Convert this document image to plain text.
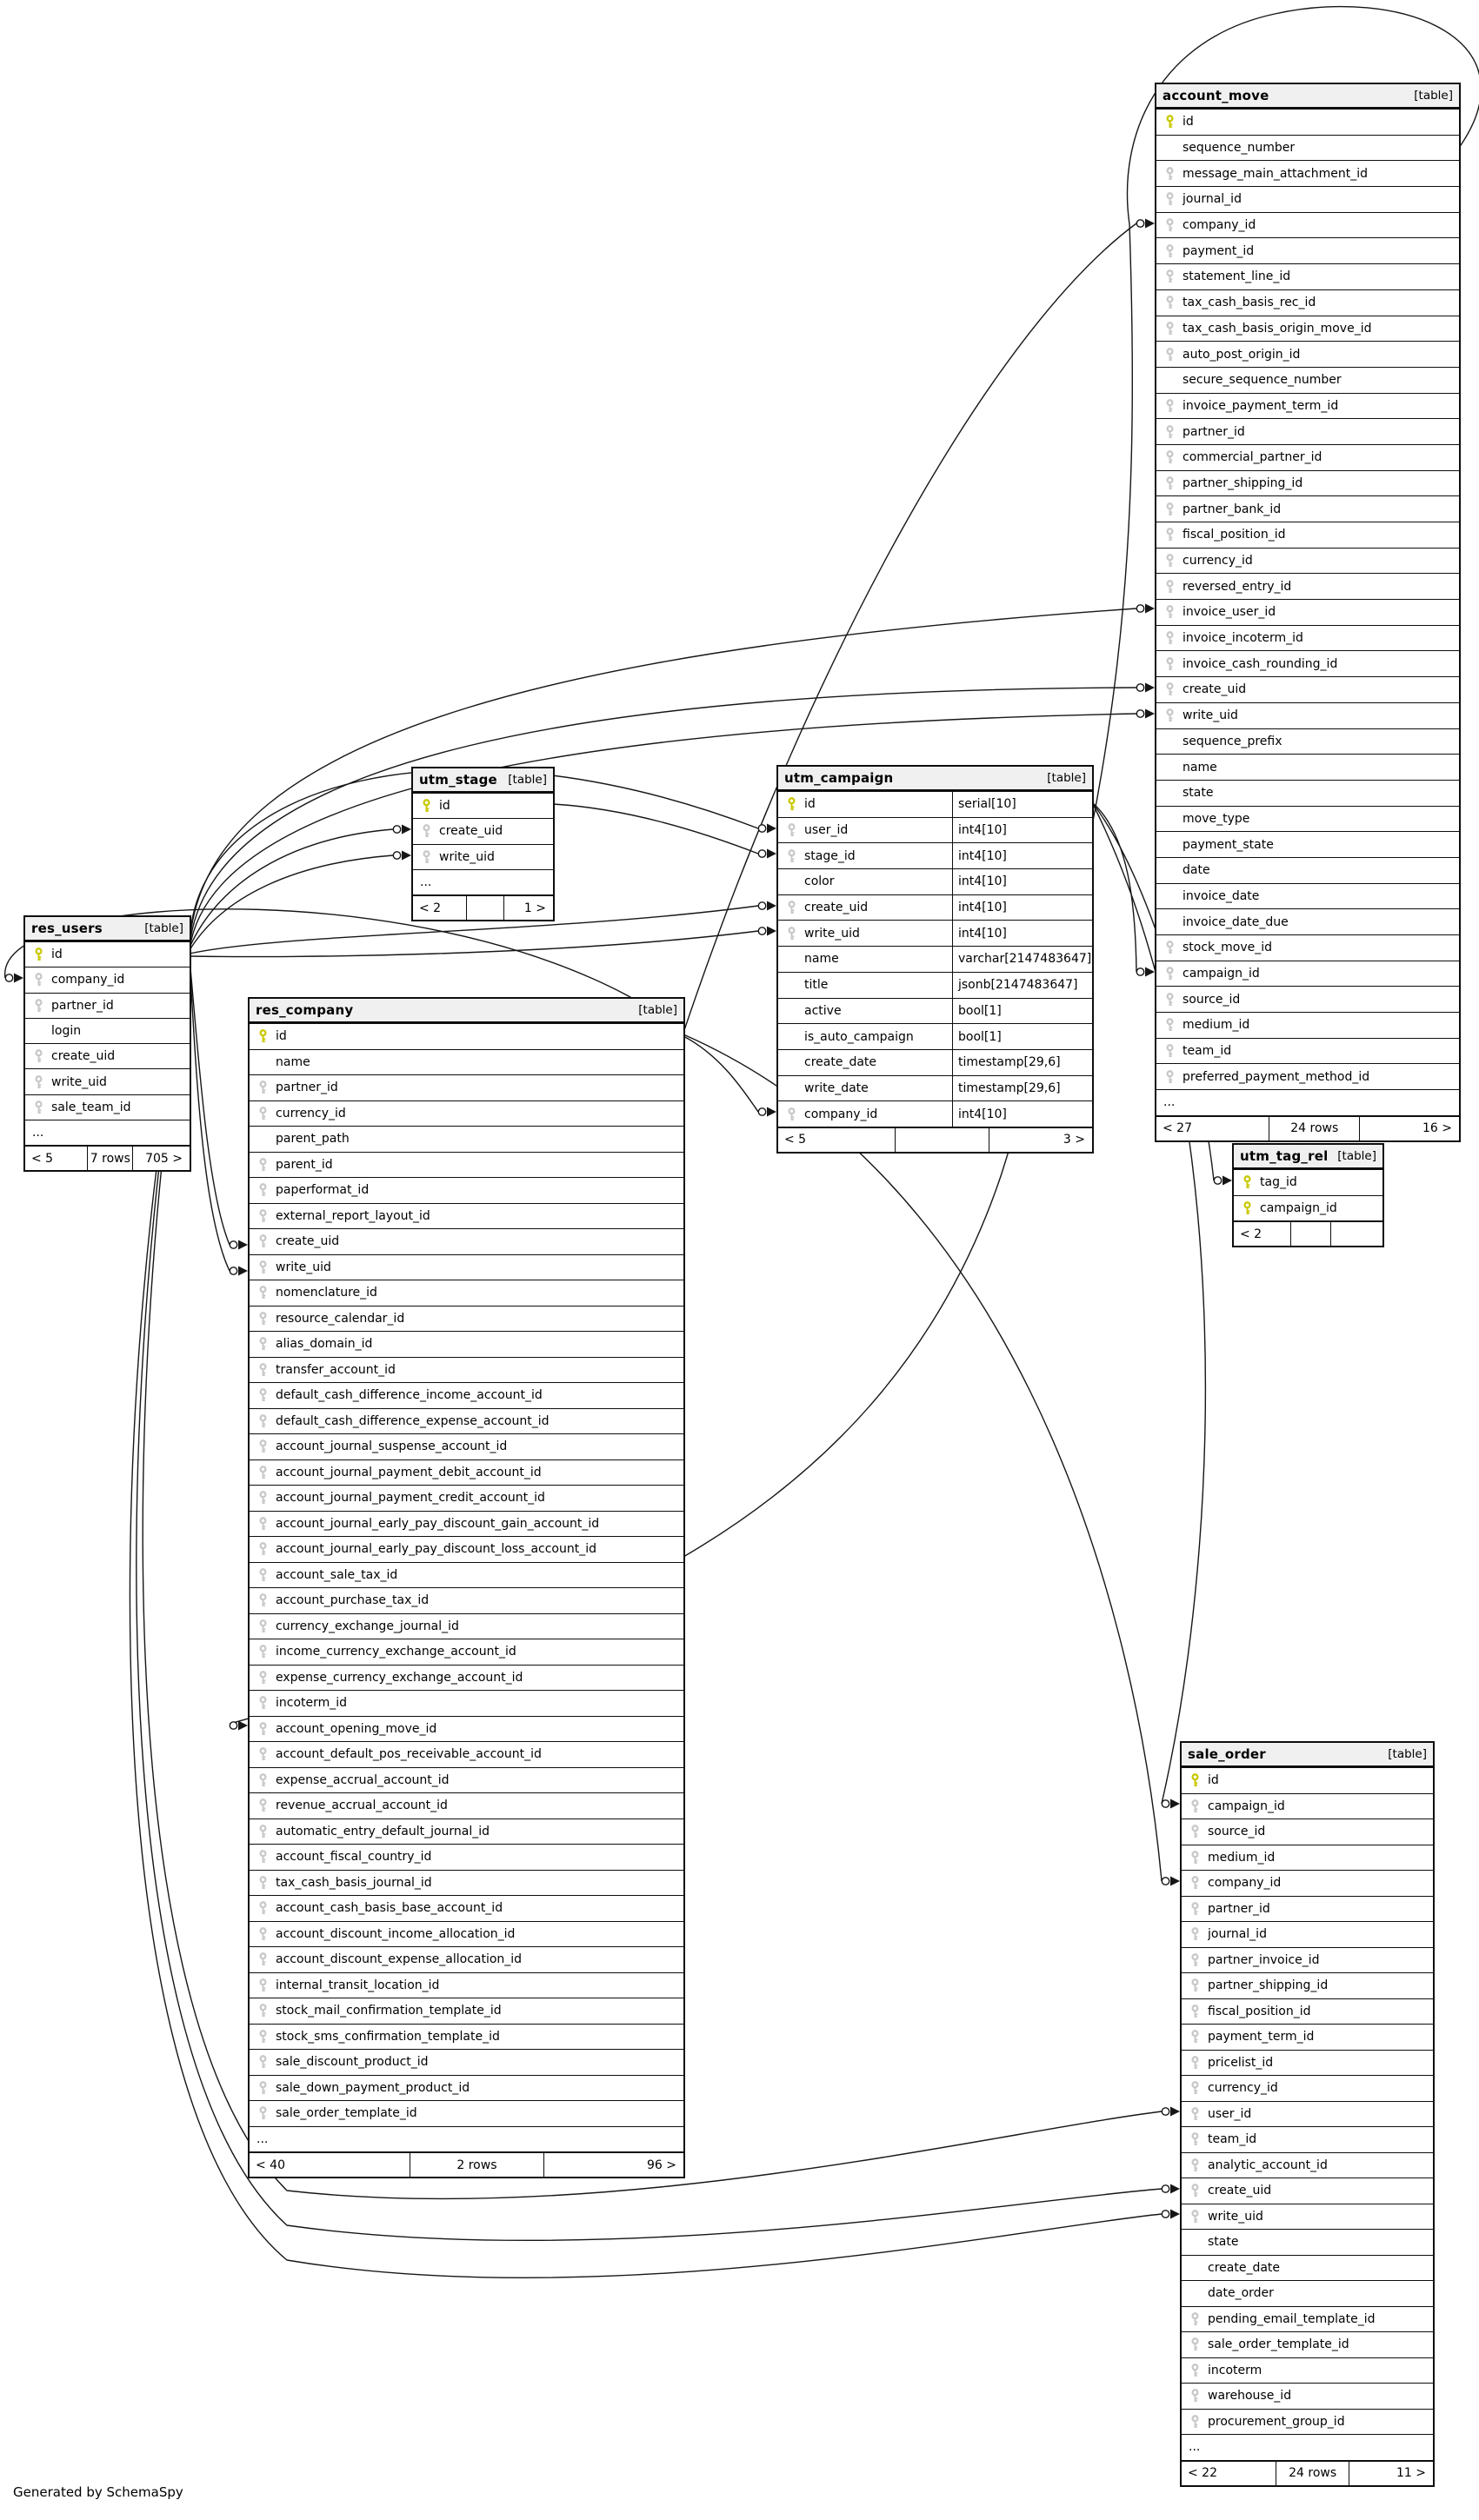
account_move	[table]
id
sequence_number
message_main_attachment_id
journal_id
company_id
payment_id
statement_line_id
tax_cash_basis_rec_id
tax_cash_basis_origin_move_id
auto_post_origin_id
secure_sequence_number
invoice_payment_term_id
partner_id
commercial_partner_id
partner_shipping_id
partner_bank_id
fiscal_position_id
currency_id
reversed_entry_id
invoice_user_id
invoice_incoterm_id
invoice_cash_rounding_id
create_uid
write_uid
sequence_prefix
name
state
move_type
payment_state
date
invoice_date
invoice_date_due
stock_move_id
campaign_id
source_id
medium_id
team_id
preferred_payment_method_id
...
< 27	24 rows	16 >
utm_stage [table]
id
create_uid
write_uid
...
< 2	1 >
utm_campaign	[table]
id	serial[10]
user_id	int4[10]
stage_id	int4[10]
color	int4[10]
create_uid	int4[10]
write_uid	int4[10]
name	varchar[2147483647]
title	jsonb[2147483647]
active	bool[1]
is_auto_campaign	bool[1]
create_date	timestamp[29,6]
write_date	timestamp[29,6]
company_id	int4[10]
< 5	3 >
res_users	[table]
id
company_id
partner_id
login
create_uid
write_uid
sale_team_id
...
< 5	7 rows	705 >
res_company	[table]
id
name
partner_id
currency_id
parent_path
parent_id
paperformat_id
external_report_layout_id
create_uid
write_uid
nomenclature_id
resource_calendar_id
alias_domain_id
transfer_account_id
default_cash_difference_income_account_id
default_cash_difference_expense_account_id
account_journal_suspense_account_id
account_journal_payment_debit_account_id
account_journal_payment_credit_account_id
account_journal_early_pay_discount_gain_account_id
account_journal_early_pay_discount_loss_account_id
account_sale_tax_id
account_purchase_tax_id
currency_exchange_journal_id
income_currency_exchange_account_id
expense_currency_exchange_account_id
incoterm_id
account_opening_move_id
account_default_pos_receivable_account_id
expense_accrual_account_id
revenue_accrual_account_id
automatic_entry_default_journal_id
account_fiscal_country_id
tax_cash_basis_journal_id
account_cash_basis_base_account_id
account_discount_income_allocation_id
account_discount_expense_allocation_id
internal_transit_location_id
stock_mail_confirmation_template_id
stock_sms_confirmation_template_id
sale_discount_product_id
sale_down_payment_product_id
sale_order_template_id
...
< 40	2 rows	96 >
utm_tag_rel [table]
tag_id
campaign_id
< 2
sale_order	[table]
id
campaign_id
source_id
medium_id
company_id
partner_id
journal_id
partner_invoice_id
partner_shipping_id
fiscal_position_id
payment_term_id
pricelist_id
currency_id
user_id
team_id
analytic_account_id
create_uid
write_uid
state
create_date
date_order
pending_email_template_id
sale_order_template_id
incoterm
warehouse_id
procurement_group_id
...
< 22	24 rows	11 >
Generated by SchemaSpy
